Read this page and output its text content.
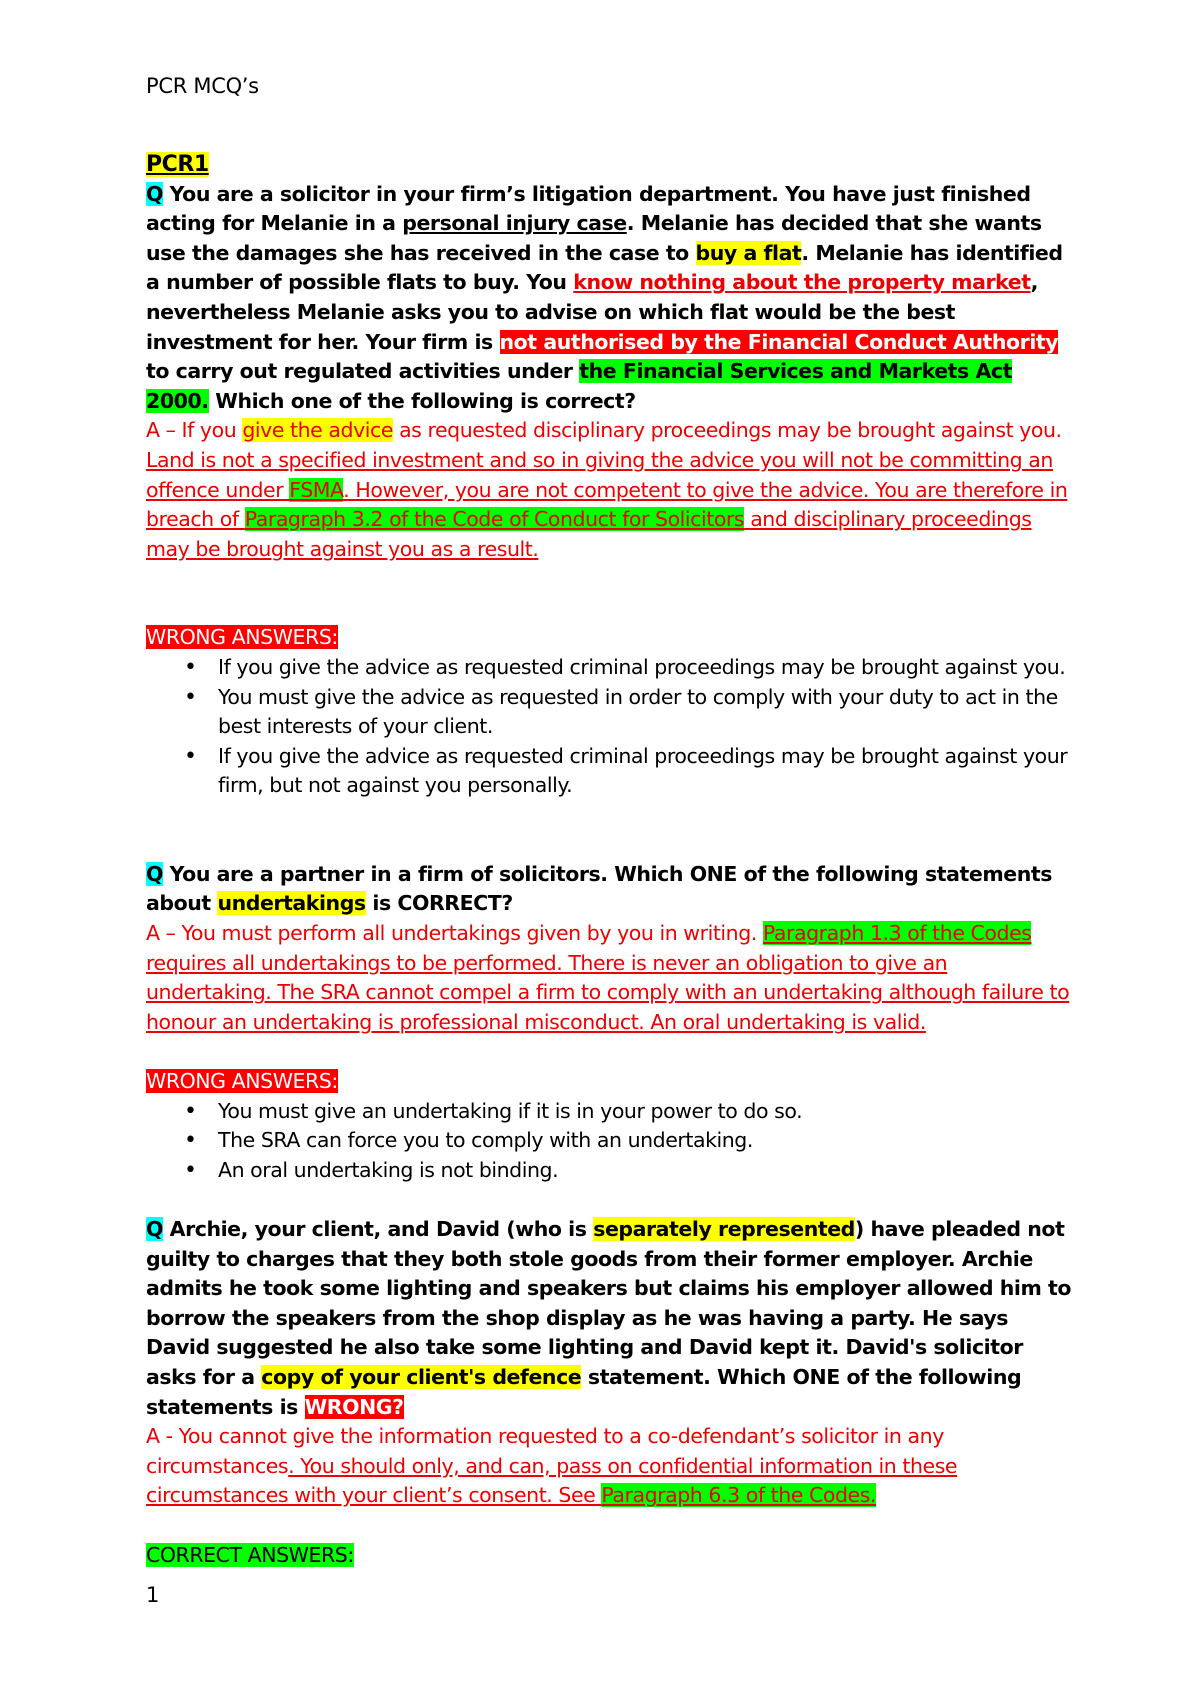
PCR MCQ’s

PCR1

Q You are a solicitor in your firm’s litigation department. You have just finished acting for Melanie in a personal injury case. Melanie has decided that she wants use the damages she has received in the case to buy a flat. Melanie has identified a number of possible flats to buy. You know nothing about the property market, nevertheless Melanie asks you to advise on which flat would be the best investment for her. Your firm is not authorised by the Financial Conduct Authority to carry out regulated activities under the Financial Services and Markets Act 2000. Which one of the following is correct?

A – If you give the advice as requested disciplinary proceedings may be brought against you. Land is not a specified investment and so in giving the advice you will not be committing an offence under FSMA. However, you are not competent to give the advice. You are therefore in breach of Paragraph 3.2 of the Code of Conduct for Solicitors and disciplinary proceedings may be brought against you as a result.

WRONG ANSWERS:

• If you give the advice as requested criminal proceedings may be brought against you.
• You must give the advice as requested in order to comply with your duty to act in the best interests of your client.
• If you give the advice as requested criminal proceedings may be brought against your firm, but not against you personally.

Q You are a partner in a firm of solicitors. Which ONE of the following statements about undertakings is CORRECT?

A – You must perform all undertakings given by you in writing. Paragraph 1.3 of the Codes requires all undertakings to be performed. There is never an obligation to give an undertaking. The SRA cannot compel a firm to comply with an undertaking although failure to honour an undertaking is professional misconduct. An oral undertaking is valid.

WRONG ANSWERS:

• You must give an undertaking if it is in your power to do so.
• The SRA can force you to comply with an undertaking.
• An oral undertaking is not binding.

Q Archie, your client, and David (who is separately represented) have pleaded not guilty to charges that they both stole goods from their former employer. Archie admits he took some lighting and speakers but claims his employer allowed him to borrow the speakers from the shop display as he was having a party. He says David suggested he also take some lighting and David kept it. David's solicitor asks for a copy of your client's defence statement. Which ONE of the following statements is WRONG?

A - You cannot give the information requested to a co-defendant’s solicitor in any circumstances. You should only, and can, pass on confidential information in these circumstances with your client’s consent. See Paragraph 6.3 of the Codes.

CORRECT ANSWERS:

1
